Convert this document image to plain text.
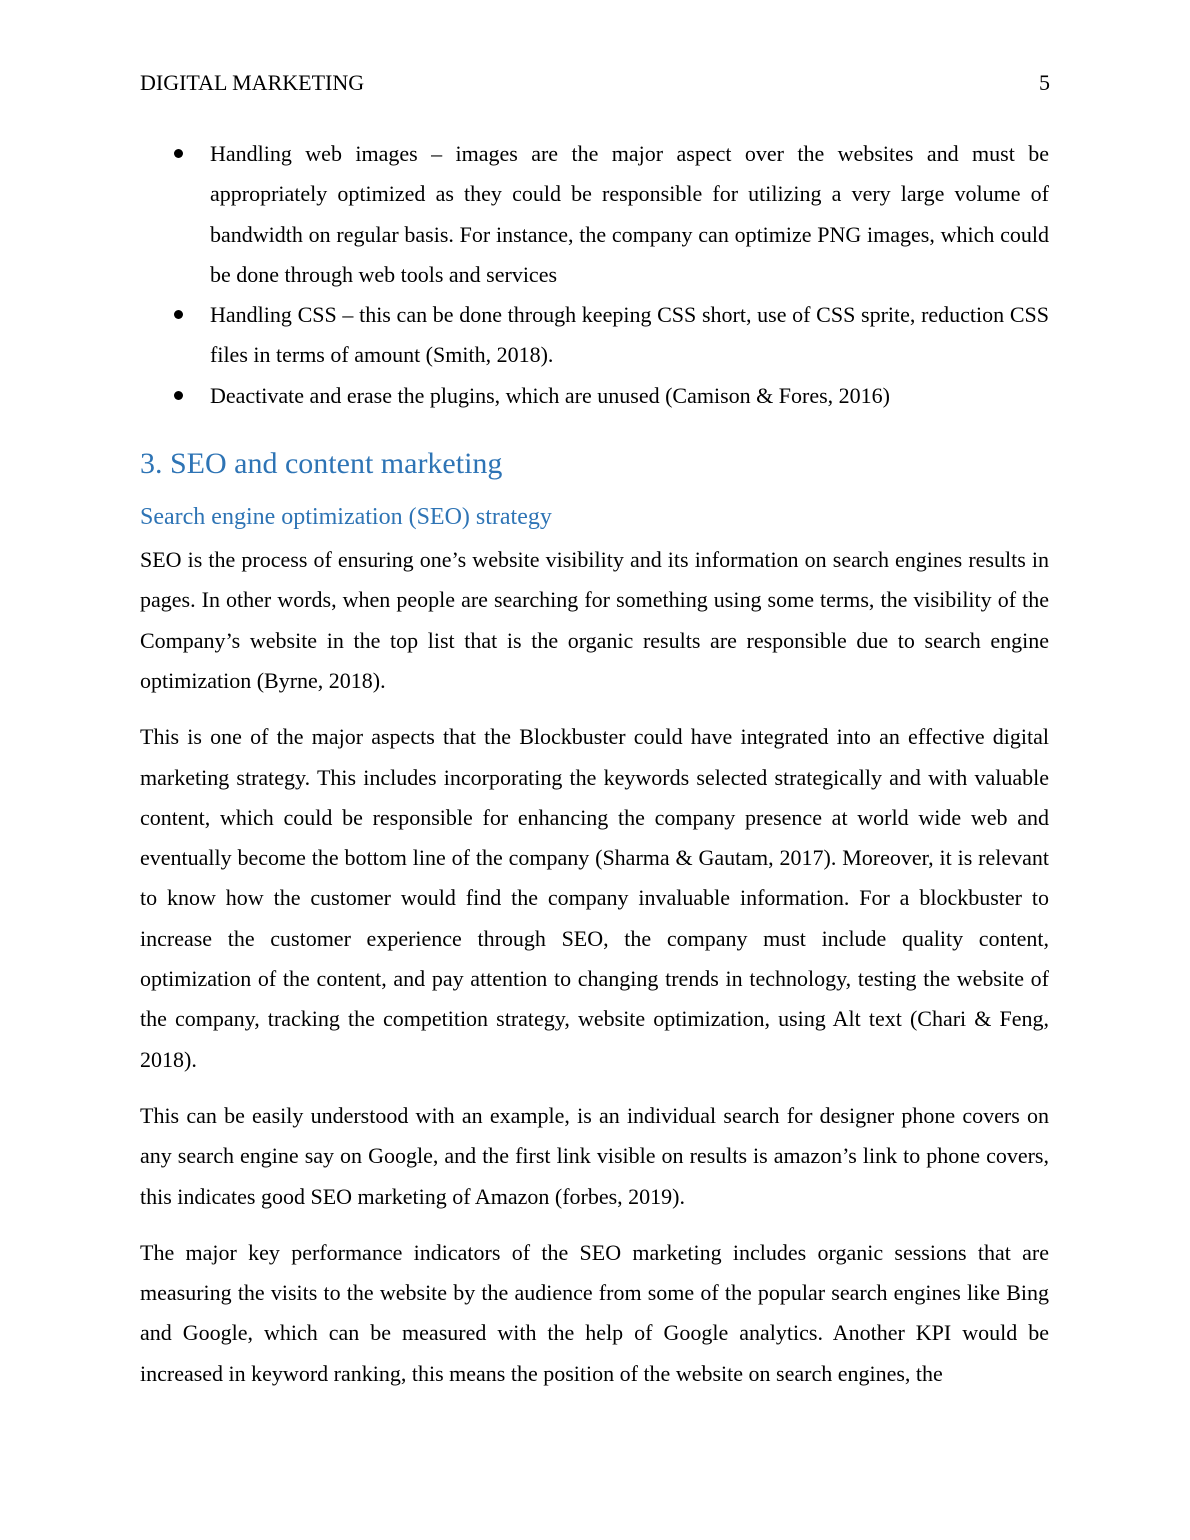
DIGITAL MARKETING	5
Handling web images – images are the major aspect over the websites and must be appropriately optimized as they could be responsible for utilizing a very large volume of bandwidth on regular basis. For instance, the company can optimize PNG images, which could be done through web tools and services
Handling CSS – this can be done through keeping CSS short, use of CSS sprite, reduction CSS files in terms of amount (Smith, 2018).
Deactivate and erase the plugins, which are unused (Camison & Fores, 2016)
3. SEO and content marketing
Search engine optimization (SEO) strategy

SEO is the process of ensuring one’s website visibility and its information on search engines results in pages. In other words, when people are searching for something using some terms, the visibility of the Company’s website in the top list that is the organic results are responsible due to search engine optimization (Byrne, 2018).

This is one of the major aspects that the Blockbuster could have integrated into an effective digital marketing strategy. This includes incorporating the keywords selected strategically and with valuable content, which could be responsible for enhancing the company presence at world wide web and eventually become the bottom line of the company (Sharma & Gautam, 2017). Moreover, it is relevant to know how the customer would find the company invaluable information. For a blockbuster to increase the customer experience through SEO, the company must include quality content, optimization of the content, and pay attention to changing trends in technology, testing the website of the company, tracking the competition strategy, website optimization, using Alt text (Chari & Feng, 2018).

This can be easily understood with an example, is an individual search for designer phone covers on any search engine say on Google, and the first link visible on results is amazon’s link to phone covers, this indicates good SEO marketing of Amazon (forbes, 2019).

The major key performance indicators of the SEO marketing includes organic sessions that are measuring the visits to the website by the audience from some of the popular search engines like Bing and Google, which can be measured with the help of Google analytics. Another KPI would be increased in keyword ranking, this means the position of the website on search engines, the
